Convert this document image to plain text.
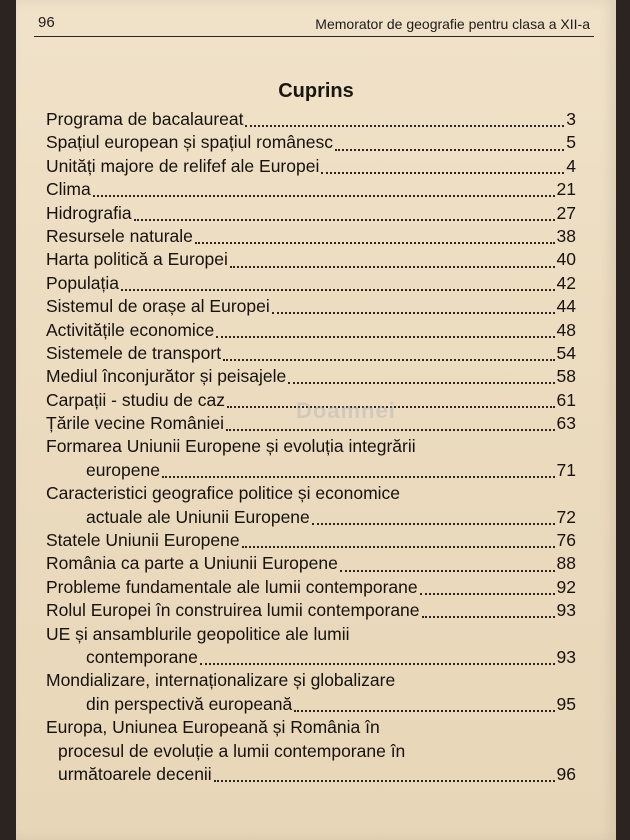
96	Memorator de geografie pentru clasa a XII-a
Cuprins
Programa de bacalaureat	3
Spațiul european și spațiul românesc	5
Unități majore de relifef ale Europei	4
Clima	21
Hidrografia	27
Resursele naturale	38
Harta politică a Europei	40
Populația	42
Sistemul de orașe al Europei	44
Activitățile economice	48
Sistemele de transport	54
Mediul înconjurător și peisajele	58
Carpații - studiu de caz	61
Țările vecine României	63
Formarea Uniunii Europene și evoluția integrării
europene	71
Caracteristici geografice politice și economice
actuale ale Uniunii Europene	72
Statele Uniunii Europene	76
România ca parte a Uniunii Europene	88
Probleme fundamentale ale lumii contemporane	92
Rolul Europei în construirea lumii contemporane	93
UE și ansamblurile geopolitice ale lumii
contemporane	93
Mondializare, internaționalizare și globalizare
din perspectivă europeană	95
Europa, Uniunea Europeană și România în
procesul de evoluție a lumii contemporane în
următoarele decenii	96
Doamnei
